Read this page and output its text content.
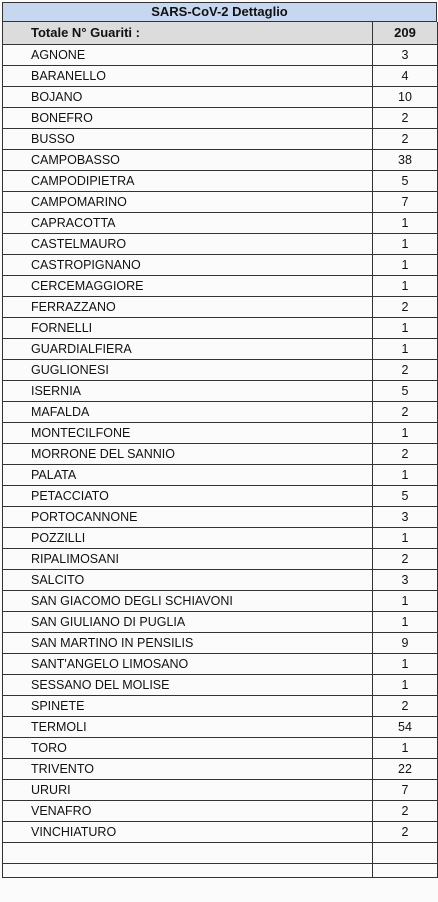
SARS-CoV-2 Dettaglio
Totale N° Guariti :	209
AGNONE	3
BARANELLO	4
BOJANO	10
BONEFRO	2
BUSSO	2
CAMPOBASSO	38
CAMPODIPIETRA	5
CAMPOMARINO	7
CAPRACOTTA	1
CASTELMAURO	1
CASTROPIGNANO	1
CERCEMAGGIORE	1
FERRAZZANO	2
FORNELLI	1
GUARDIALFIERA	1
GUGLIONESI	2
ISERNIA	5
MAFALDA	2
MONTECILFONE	1
MORRONE DEL SANNIO	2
PALATA	1
PETACCIATO	5
PORTOCANNONE	3
POZZILLI	1
RIPALIMOSANI	2
SALCITO	3
SAN GIACOMO DEGLI SCHIAVONI	1
SAN GIULIANO DI PUGLIA	1
SAN MARTINO IN PENSILIS	9
SANT'ANGELO LIMOSANO	1
SESSANO DEL MOLISE	1
SPINETE	2
TERMOLI	54
TORO	1
TRIVENTO	22
URURI	7
VENAFRO	2
VINCHIATURO	2
